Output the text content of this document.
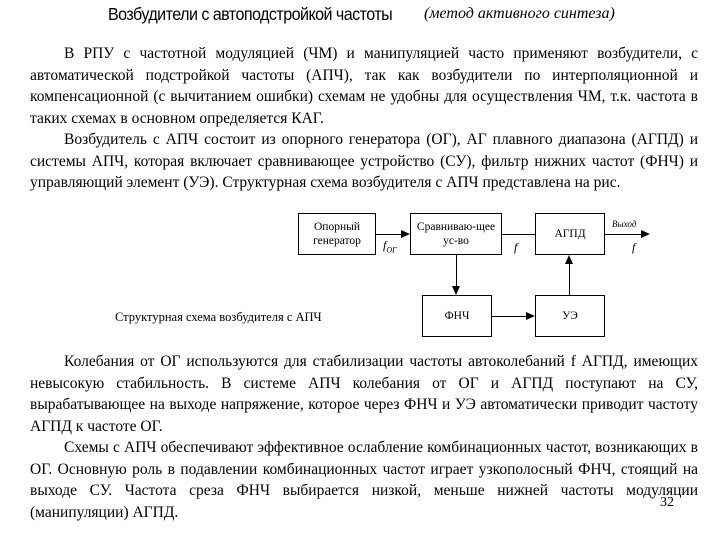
Возбудители с автоподстройкой частоты (метод активного синтеза)

В РПУ с частотной модуляцией (ЧМ) и манипуляцией часто применяют возбудители, с автоматической подстройкой частоты (АПЧ), так как возбудители по интерполяционной и компенсационной (с вычитанием ошибки) схемам не удобны для осуществления ЧМ, т.к. частота в таких схемах в основном определяется КАГ.

Возбудитель с АПЧ состоит из опорного генератора (ОГ), АГ плавного диапазона (АГПД) и системы АПЧ, которая включает сравнивающее устройство (СУ), фильтр нижних частот (ФНЧ) и управляющий элемент (УЭ). Структурная схема возбудителя с АПЧ представлена на рис.

Опорный генератор
Сравниваю-щее ус-во
АГПД
ФНЧ	УЭ
$f_{ОГ}$	f
Выход
f
Структурная схема возбудителя с АПЧ

Колебания от ОГ используются для стабилизации частоты автоколебаний f АГПД, имеющих невысокую стабильность. В системе АПЧ колебания от ОГ и АГПД поступают на СУ, вырабатывающее на выходе напряжение, которое через ФНЧ и УЭ автоматически приводит частоту АГПД к частоте ОГ.

Схемы с АПЧ обеспечивают эффективное ослабление комбинационных частот, возникающих в ОГ. Основную роль в подавлении комбинационных частот играет узкополосный ФНЧ, стоящий на выходе СУ. Частота среза ФНЧ выбирается низкой, меньше нижней частоты модуляции (манипуляции) АГПД.

32
